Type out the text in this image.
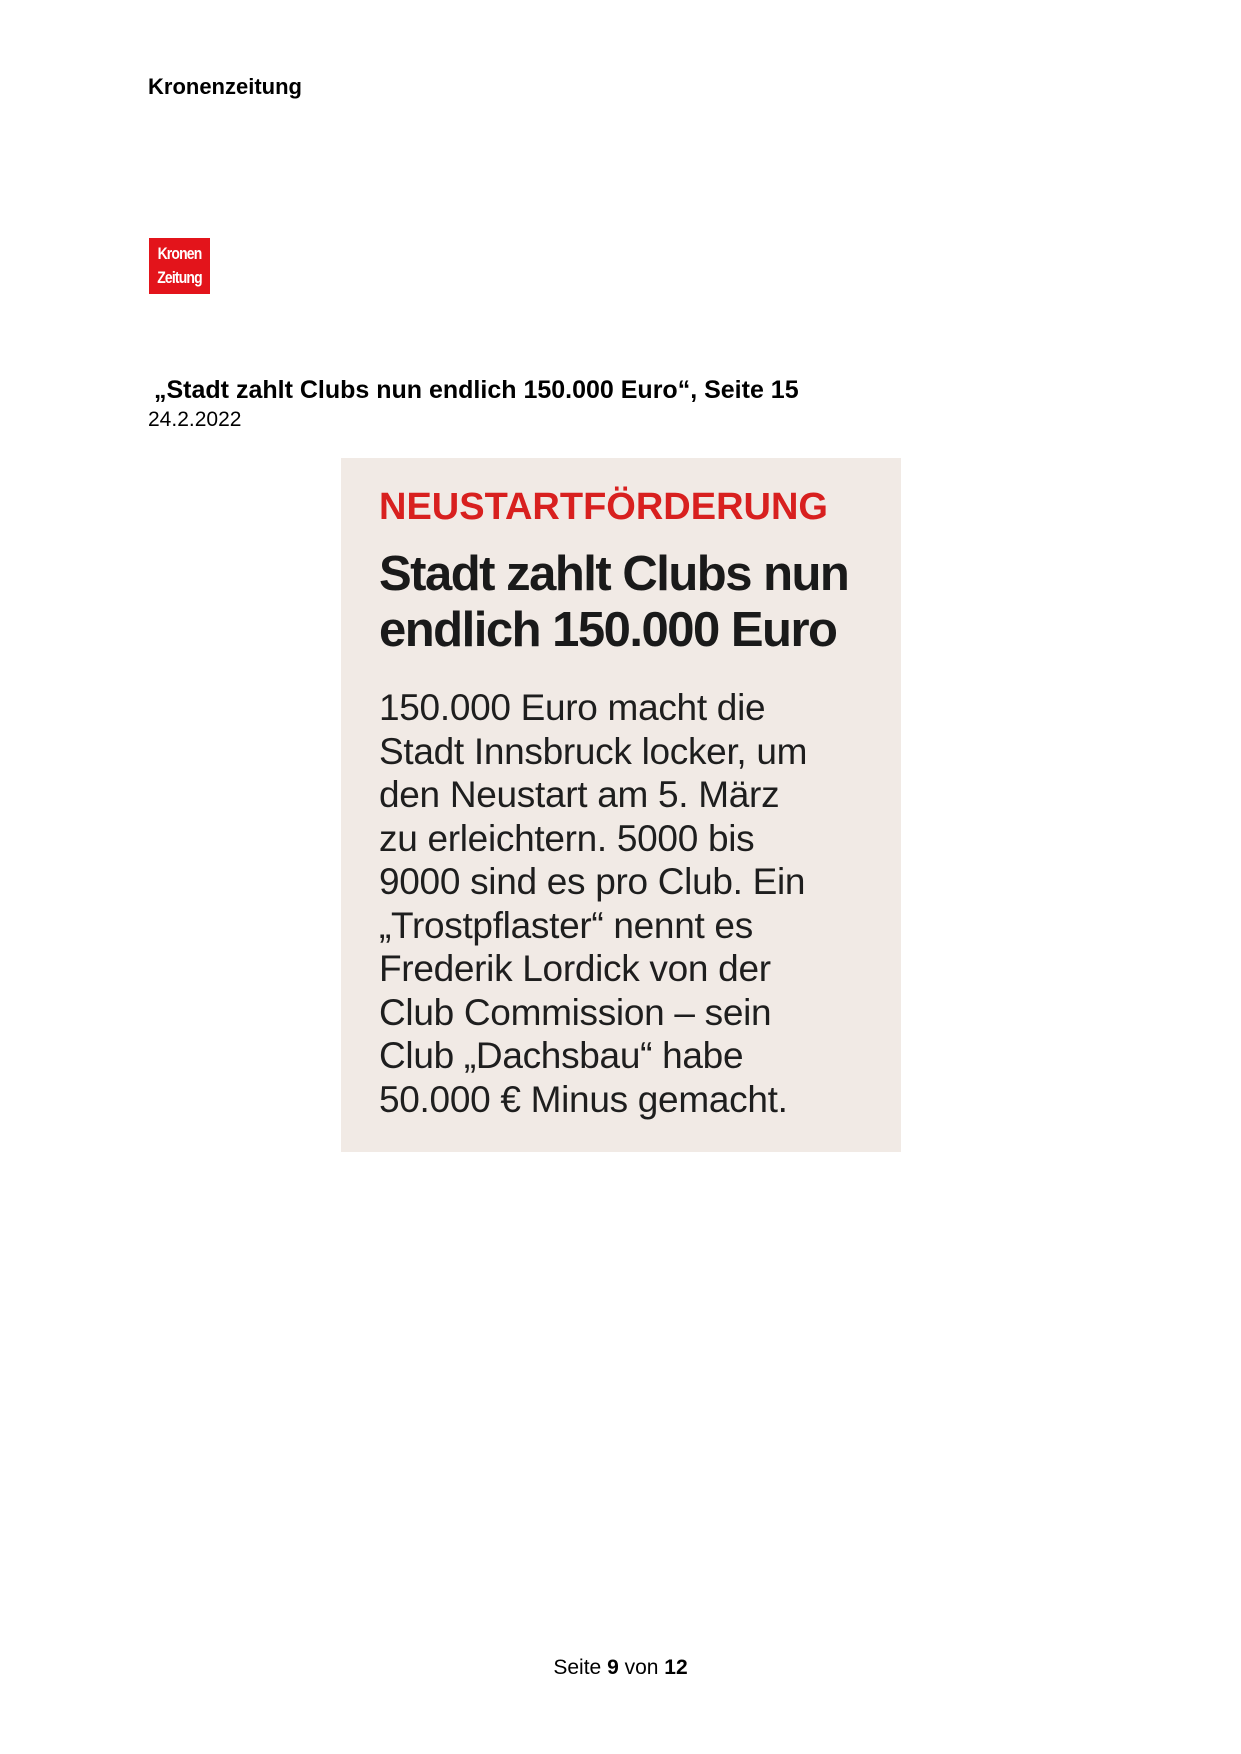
Kronenzeitung
Kronen
Zeitung
„Stadt zahlt Clubs nun endlich 150.000 Euro“, Seite 15
24.2.2022
NEUSTARTFÖRDERUNG
Stadt zahlt Clubs nun
endlich 150.000 Euro
150.000 Euro macht die
Stadt Innsbruck locker, um
den Neustart am 5. März
zu erleichtern. 5000 bis
9000 sind es pro Club. Ein
„Trostpflaster“ nennt es
Frederik Lordick von der
Club Commission – sein
Club „Dachsbau“ habe
50.000 € Minus gemacht.
Seite 9 von 12
